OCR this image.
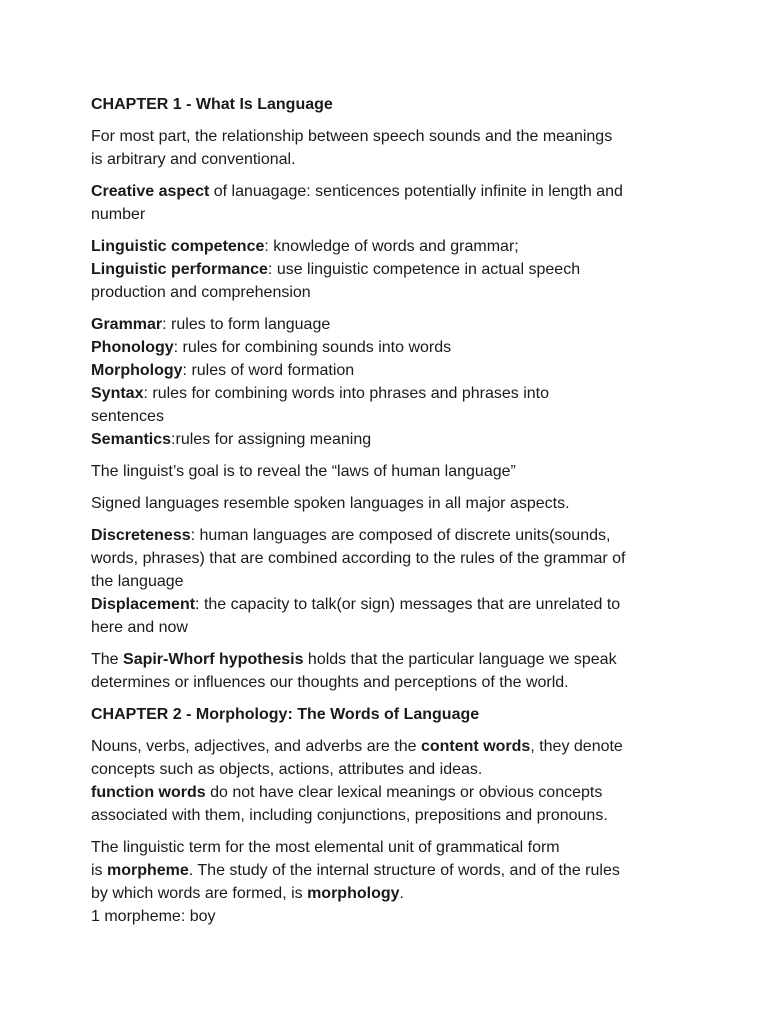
CHAPTER 1 - What Is Language
For most part, the relationship between speech sounds and the meanings
is arbitrary and conventional.
Creative aspect of lanuagage: senticences potentially infinite in length and
number
Linguistic competence: knowledge of words and grammar;
Linguistic performance: use linguistic competence in actual speech
production and comprehension
Grammar: rules to form language
Phonology: rules for combining sounds into words
Morphology: rules of word formation
Syntax: rules for combining words into phrases and phrases into
sentences
Semantics:rules for assigning meaning
The linguist’s goal is to reveal the “laws of human language”
Signed languages resemble spoken languages in all major aspects.
Discreteness: human languages are composed of discrete units(sounds,
words, phrases) that are combined according to the rules of the grammar of
the language
Displacement: the capacity to talk(or sign) messages that are unrelated to
here and now
The Sapir-Whorf hypothesis holds that the particular language we speak
determines or influences our thoughts and perceptions of the world.
CHAPTER 2 - Morphology: The Words of Language
Nouns, verbs, adjectives, and adverbs are the content words, they denote
concepts such as objects, actions, attributes and ideas.
function words do not have clear lexical meanings or obvious concepts
associated with them, including conjunctions, prepositions and pronouns.
The linguistic term for the most elemental unit of grammatical form
is morpheme. The study of the internal structure of words, and of the rules
by which words are formed, is morphology.
1 morpheme: boy
